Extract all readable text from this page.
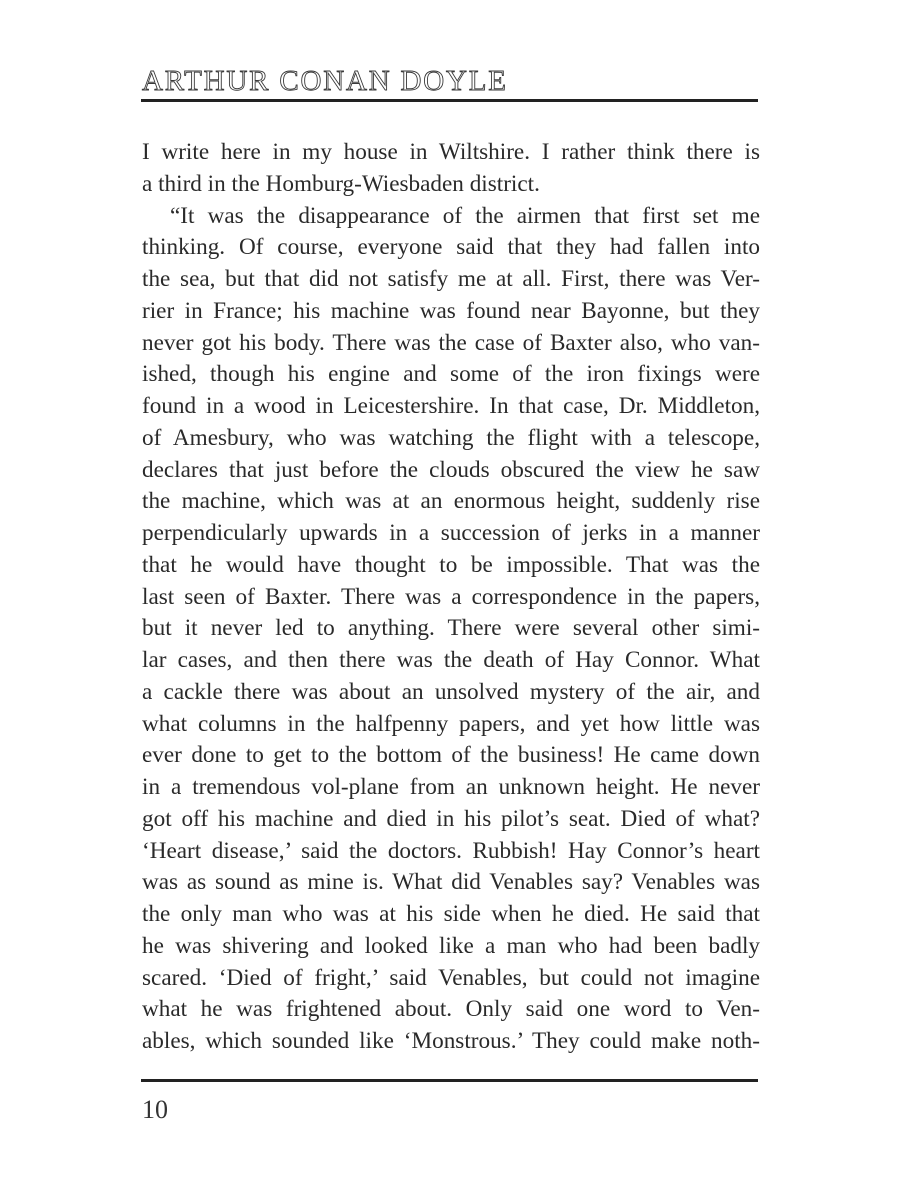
ARTHUR CONAN DOYLE
I write here in my house in Wiltshire. I rather think there is
a third in the Homburg-Wiesbaden district.
“It was the disappearance of the airmen that first set me
thinking. Of course, everyone said that they had fallen into
the sea, but that did not satisfy me at all. First, there was Ver-
rier in France; his machine was found near Bayonne, but they
never got his body. There was the case of Baxter also, who van-
ished, though his engine and some of the iron fixings were
found in a wood in Leicestershire. In that case, Dr. Middleton,
of Amesbury, who was watching the flight with a telescope,
declares that just before the clouds obscured the view he saw
the machine, which was at an enormous height, suddenly rise
perpendicularly upwards in a succession of jerks in a manner
that he would have thought to be impossible. That was the
last seen of Baxter. There was a correspondence in the papers,
but it never led to anything. There were several other simi-
lar cases, and then there was the death of Hay Connor. What
a cackle there was about an unsolved mystery of the air, and
what columns in the halfpenny papers, and yet how little was
ever done to get to the bottom of the business! He came down
in a tremendous vol-plane from an unknown height. He never
got off his machine and died in his pilot’s seat. Died of what?
‘Heart disease,’ said the doctors. Rubbish! Hay Connor’s heart
was as sound as mine is. What did Venables say? Venables was
the only man who was at his side when he died. He said that
he was shivering and looked like a man who had been badly
scared. ‘Died of fright,’ said Venables, but could not imagine
what he was frightened about. Only said one word to Ven-
ables, which sounded like ‘Monstrous.’ They could make noth-
10
